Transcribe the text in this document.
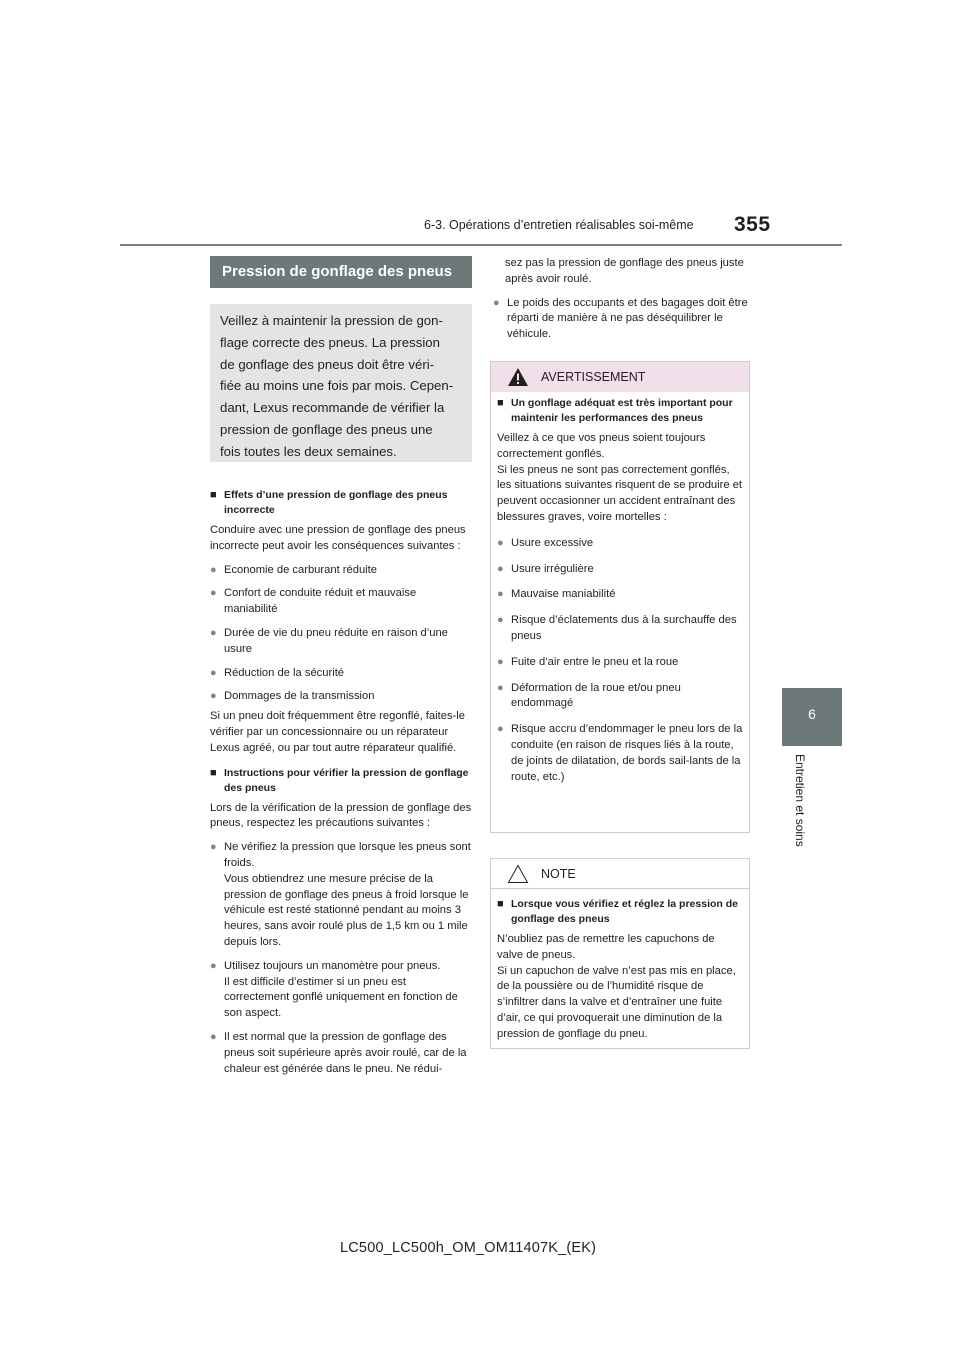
6-3. Opérations d’entretien réalisables soi-même 355
6
Entretien et soins
Pression de gonflage des pneus
Veillez à maintenir la pression de gon-
flage correcte des pneus. La pression
de gonflage des pneus doit être véri-
fiée au moins une fois par mois. Cepen-
dant, Lexus recommande de vérifier la
pression de gonflage des pneus une
fois toutes les deux semaines.
■ Effets d’une pression de gonflage des pneus incorrecte
Conduire avec une pression de gonflage des pneus incorrecte peut avoir les conséquences suivantes :
● Economie de carburant réduite
● Confort de conduite réduit et mauvaise maniabilité
● Durée de vie du pneu réduite en raison d’une usure
● Réduction de la sécurité
● Dommages de la transmission
Si un pneu doit fréquemment être regonflé, faites-le vérifier par un concessionnaire ou un réparateur Lexus agréé, ou par tout autre réparateur qualifié.
■ Instructions pour vérifier la pression de gonflage des pneus
Lors de la vérification de la pression de gonflage des pneus, respectez les précautions suivantes :
● Ne vérifiez la pression que lorsque les pneus sont froids.
Vous obtiendrez une mesure précise de la pression de gonflage des pneus à froid lorsque le véhicule est resté stationné pendant au moins 3 heures, sans avoir roulé plus de 1,5 km ou 1 mile depuis lors.
● Utilisez toujours un manomètre pour pneus.
Il est difficile d’estimer si un pneu est correctement gonflé uniquement en fonction de son aspect.
● Il est normal que la pression de gonflage des pneus soit supérieure après avoir roulé, car de la chaleur est générée dans le pneu. Ne rédui-
sez pas la pression de gonflage des pneus juste après avoir roulé.
● Le poids des occupants et des bagages doit être réparti de manière à ne pas déséquilibrer le véhicule.
AVERTISSEMENT
■ Un gonflage adéquat est très important pour maintenir les performances des pneus
Veillez à ce que vos pneus soient toujours correctement gonflés.
Si les pneus ne sont pas correctement gonflés, les situations suivantes risquent de se produire et peuvent occasionner un accident entraînant des blessures graves, voire mortelles :
● Usure excessive
● Usure irrégulière
● Mauvaise maniabilité
● Risque d’éclatements dus à la surchauffe des pneus
● Fuite d’air entre le pneu et la roue
● Déformation de la roue et/ou pneu endommagé
● Risque accru d’endommager le pneu lors de la conduite (en raison de risques liés à la route, de joints de dilatation, de bords sail-lants de la route, etc.)
NOTE
■ Lorsque vous vérifiez et réglez la pression de gonflage des pneus
N’oubliez pas de remettre les capuchons de valve de pneus.
Si un capuchon de valve n’est pas mis en place, de la poussière ou de l’humidité risque de s’infiltrer dans la valve et d’entraîner une fuite d’air, ce qui provoquerait une diminution de la pression de gonflage du pneu.
LC500_LC500h_OM_OM11407K_(EK)
